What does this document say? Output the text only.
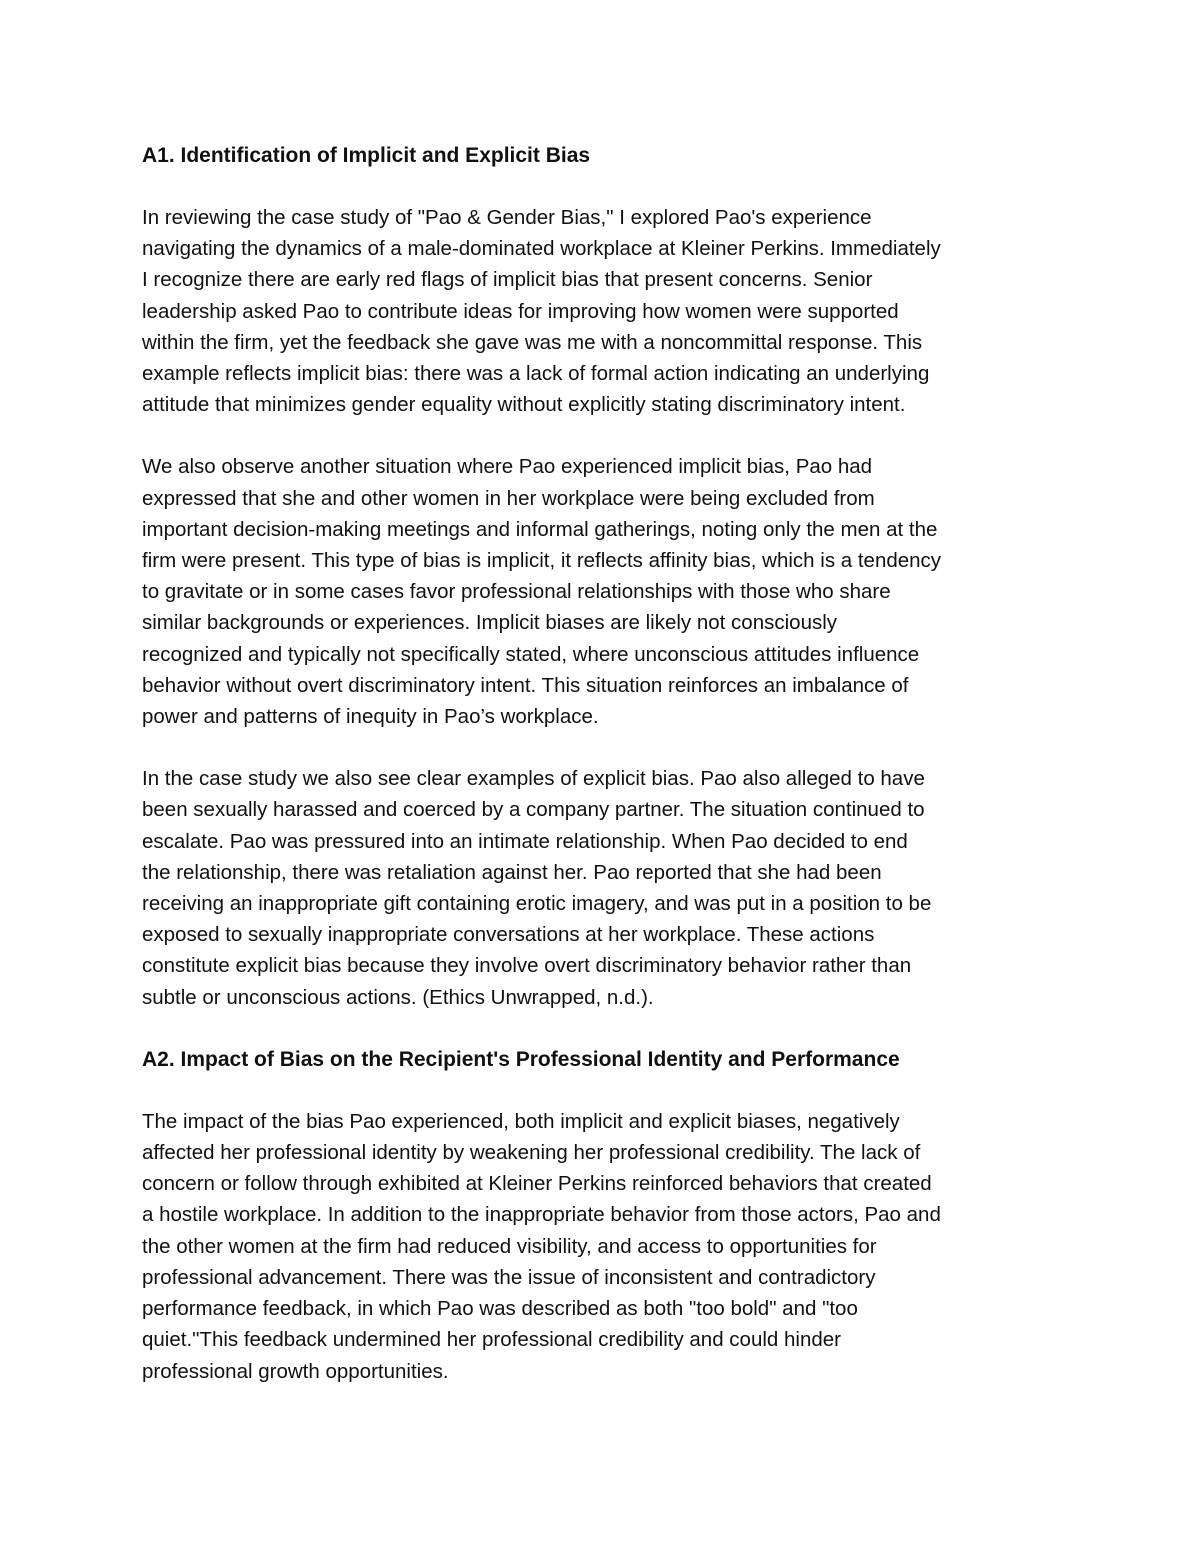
A1. Identification of Implicit and Explicit Bias
In reviewing the case study of "Pao & Gender Bias," I explored Pao's experience
navigating the dynamics of a male-dominated workplace at Kleiner Perkins. Immediately
I recognize there are early red flags of implicit bias that present concerns. Senior
leadership asked Pao to contribute ideas for improving how women were supported
within the firm, yet the feedback she gave was me with a noncommittal response. This
example reflects implicit bias: there was a lack of formal action indicating an underlying
attitude that minimizes gender equality without explicitly stating discriminatory intent.
We also observe another situation where Pao experienced implicit bias, Pao had
expressed that she and other women in her workplace were being excluded from
important decision-making meetings and informal gatherings, noting only the men at the
firm were present. This type of bias is implicit, it reflects affinity bias, which is a tendency
to gravitate or in some cases favor professional relationships with those who share
similar backgrounds or experiences. Implicit biases are likely not consciously
recognized and typically not specifically stated, where unconscious attitudes influence
behavior without overt discriminatory intent. This situation reinforces an imbalance of
power and patterns of inequity in Pao’s workplace.
In the case study we also see clear examples of explicit bias. Pao also alleged to have
been sexually harassed and coerced by a company partner. The situation continued to
escalate. Pao was pressured into an intimate relationship. When Pao decided to end
the relationship, there was retaliation against her. Pao reported that she had been
receiving an inappropriate gift containing erotic imagery, and was put in a position to be
exposed to sexually inappropriate conversations at her workplace. These actions
constitute explicit bias because they involve overt discriminatory behavior rather than
subtle or unconscious actions. (Ethics Unwrapped, n.d.).
A2. Impact of Bias on the Recipient's Professional Identity and Performance
The impact of the bias Pao experienced, both implicit and explicit biases, negatively
affected her professional identity by weakening her professional credibility. The lack of
concern or follow through exhibited at Kleiner Perkins reinforced behaviors that created
a hostile workplace. In addition to the inappropriate behavior from those actors, Pao and
the other women at the firm had reduced visibility, and access to opportunities for
professional advancement. There was the issue of inconsistent and contradictory
performance feedback, in which Pao was described as both "too bold" and "too
quiet."This feedback undermined her professional credibility and could hinder
professional growth opportunities.
